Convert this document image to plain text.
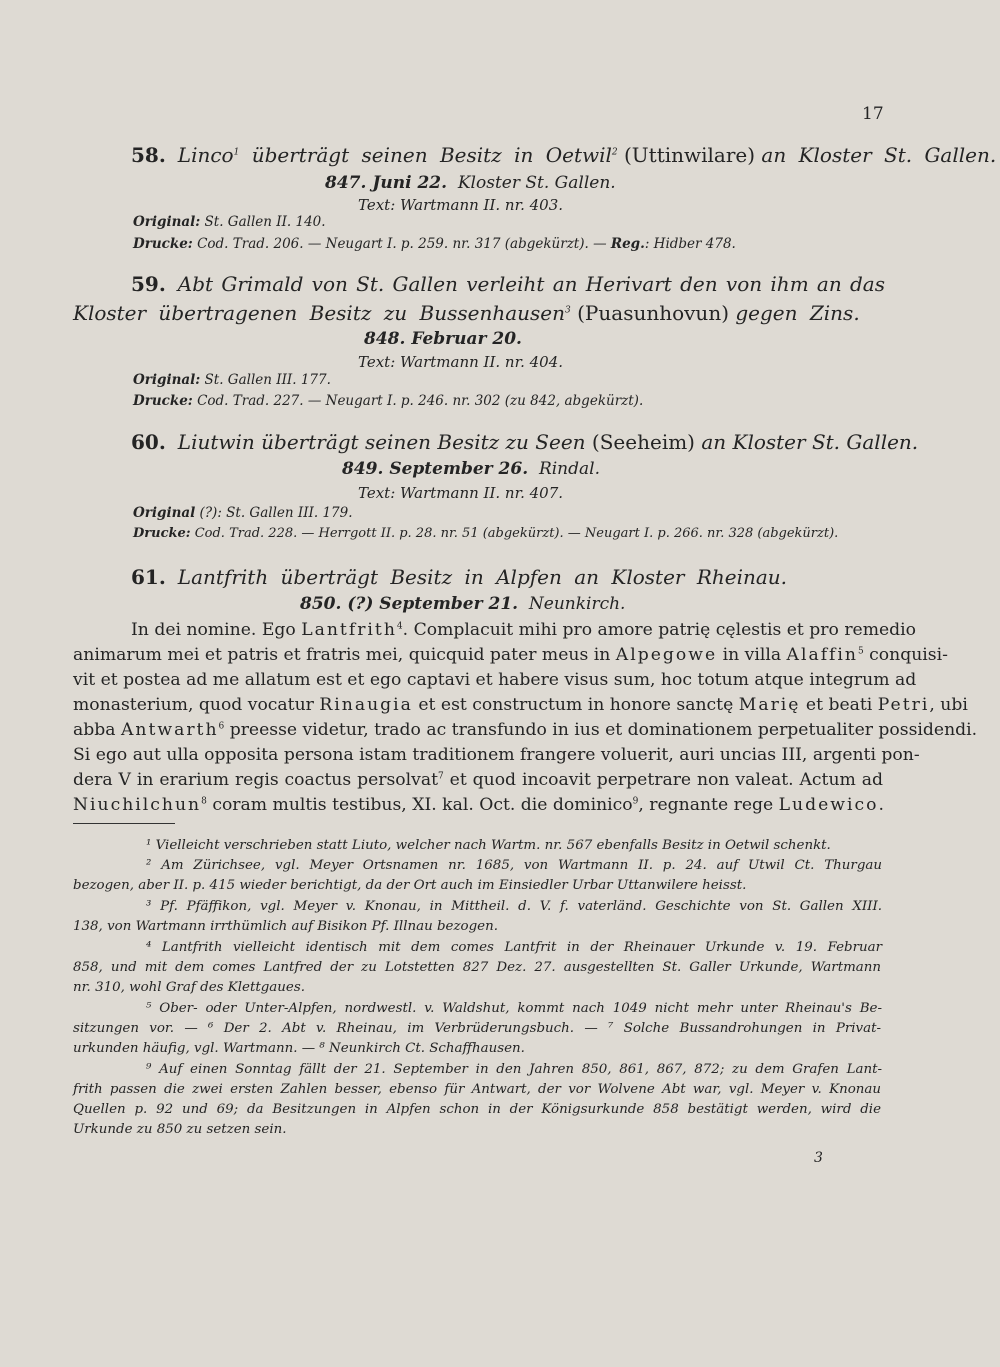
17
58. Linco$^1$ überträgt seinen Besitz in Oetwil$^2$ (Uttinwilare) an Kloster St. Gallen.
847. Juni 22. Kloster St. Gallen.
Text: Wartmann II. nr. 403.
Original: St. Gallen II. 140.
Drucke: Cod. Trad. 206. — Neugart I. p. 259. nr. 317 (abgekürzt). — Reg.: Hidber 478.
59. Abt Grimald von St. Gallen verleiht an Herivart den von ihm an das
Kloster übertragenen Besitz zu Bussenhausen$^3$ (Puasunhovun) gegen Zins.
848. Februar 20.
Text: Wartmann II. nr. 404.
Original: St. Gallen III. 177.
Drucke: Cod. Trad. 227. — Neugart I. p. 246. nr. 302 (zu 842, abgekürzt).
60. Liutwin überträgt seinen Besitz zu Seen (Seeheim) an Kloster St. Gallen.
849. September 26. Rindal.
Text: Wartmann II. nr. 407.
Original (?): St. Gallen III. 179.
Drucke: Cod. Trad. 228. — Herrgott II. p. 28. nr. 51 (abgekürzt). — Neugart I. p. 266. nr. 328 (abgekürzt).
61. Lantfrith überträgt Besitz in Alpfen an Kloster Rheinau.
850. (?) September 21. Neunkirch.
In dei nomine. Ego Lantfrith$^4$. Complacuit mihi pro amore patrię cęlestis et pro remedio
animarum mei et patris et fratris mei, quicquid pater meus in Alpegowe in villa Alaffin$^5$ conquisi-
vit et postea ad me allatum est et ego captavi et habere visus sum, hoc totum atque integrum ad
monasterium, quod vocatur Rinaugia et est constructum in honore sanctę Marię et beati Petri, ubi
abba Antwarth$^6$ preesse videtur, trado ac transfundo in ius et dominationem perpetualiter possidendi.
Si ego aut ulla opposita persona istam traditionem frangere voluerit, auri uncias III, argenti pon-
dera V in erarium regis coactus persolvat$^7$ et quod incoavit perpetrare non valeat. Actum ad
Niuchilchun$^8$ coram multis testibus, XI. kal. Oct. die dominico$^9$, regnante rege Ludewico.
¹ Vielleicht verschrieben statt Liuto, welcher nach Wartm. nr. 567 ebenfalls Besitz in Oetwil schenkt.
² Am Zürichsee, vgl. Meyer Ortsnamen nr. 1685, von Wartmann II. p. 24. auf Utwil Ct. Thurgau
bezogen, aber II. p. 415 wieder berichtigt, da der Ort auch im Einsiedler Urbar Uttanwilere heisst.
³ Pf. Pfäffikon, vgl. Meyer v. Knonau, in Mittheil. d. V. f. vaterländ. Geschichte von St. Gallen XIII.
138, von Wartmann irrthümlich auf Bisikon Pf. Illnau bezogen.
⁴ Lantfrith vielleicht identisch mit dem comes Lantfrit in der Rheinauer Urkunde v. 19. Februar
858, und mit dem comes Lantfred der zu Lotstetten 827 Dez. 27. ausgestellten St. Galler Urkunde, Wartmann
nr. 310, wohl Graf des Klettgaues.
⁵ Ober- oder Unter-Alpfen, nordwestl. v. Waldshut, kommt nach 1049 nicht mehr unter Rheinau's Be-
sitzungen vor. — ⁶ Der 2. Abt v. Rheinau, im Verbrüderungsbuch. — ⁷ Solche Bussandrohungen in Privat-
urkunden häufig, vgl. Wartmann. — ⁸ Neunkirch Ct. Schaffhausen.
⁹ Auf einen Sonntag fällt der 21. September in den Jahren 850, 861, 867, 872; zu dem Grafen Lant-
frith passen die zwei ersten Zahlen besser, ebenso für Antwart, der vor Wolvene Abt war, vgl. Meyer v. Knonau
Quellen p. 92 und 69; da Besitzungen in Alpfen schon in der Königsurkunde 858 bestätigt werden, wird die
Urkunde zu 850 zu setzen sein.
3
